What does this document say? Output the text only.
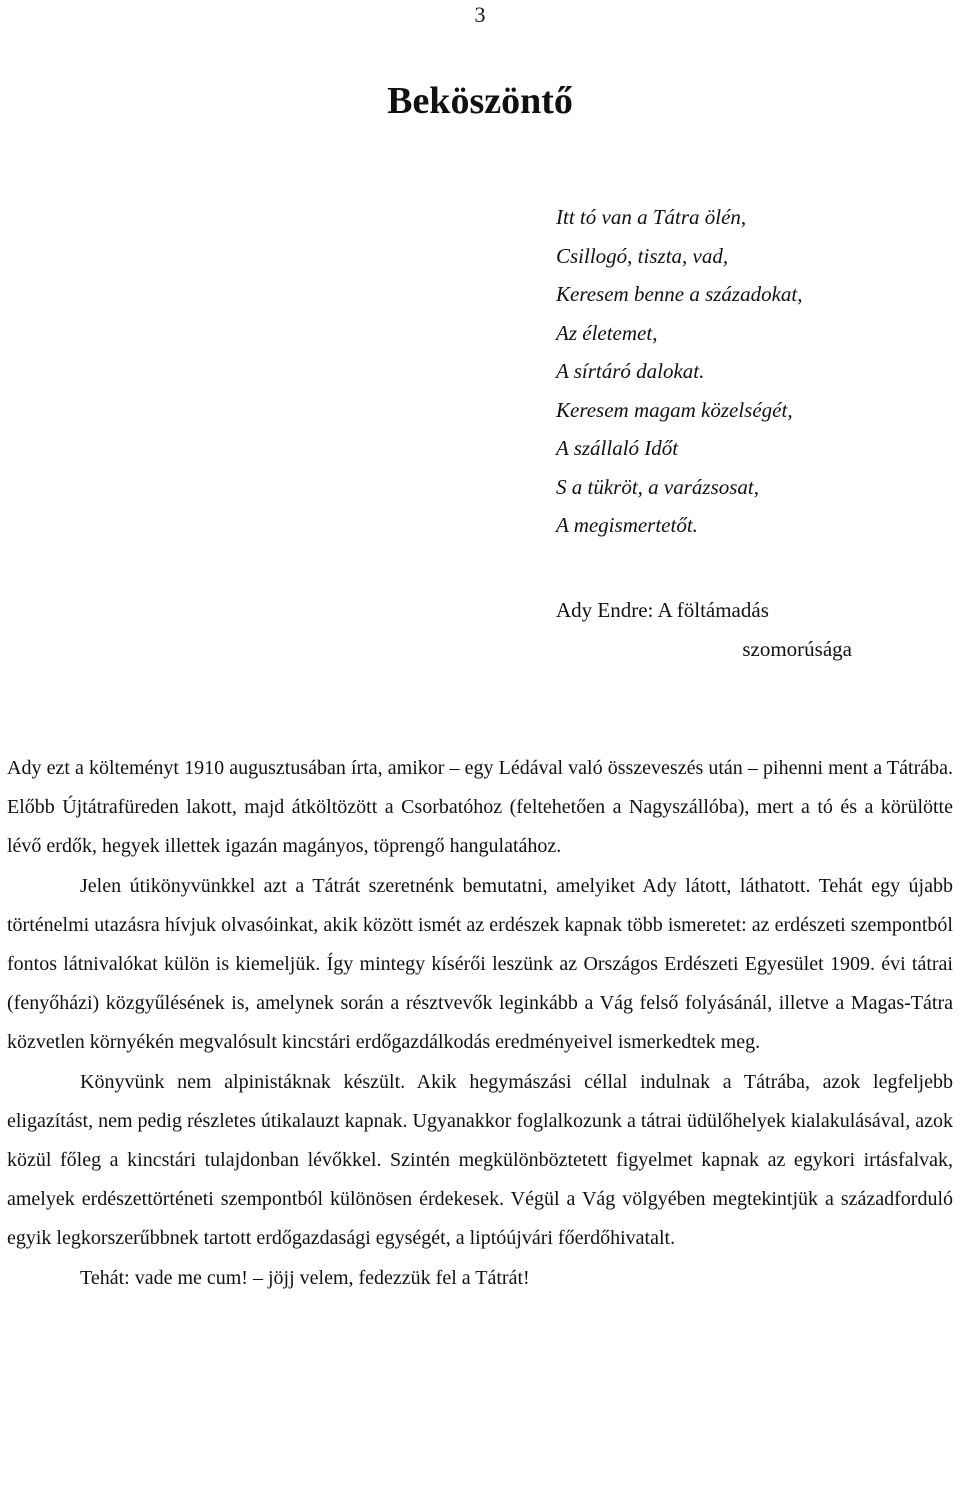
3
Beköszöntő
Itt tó van a Tátra ölén,
Csillogó, tiszta, vad,
Keresem benne a századokat,
Az életemet,
A sírtáró dalokat.
Keresem magam közelségét,
A szállaló Időt
S a tükröt, a varázsosat,
A megismertetőt.
Ady Endre: A föltámadás
szomorúsága

Ady ezt a költeményt 1910 augusztusában írta, amikor – egy Lédával való összeveszés után – pihenni ment a Tátrába. Előbb Újtátrafüreden lakott, majd átköltözött a Csorbatóhoz (feltehetően a Nagyszállóba), mert a tó és a körülötte lévő erdők, hegyek illettek igazán magányos, töprengő hangulatához.

Jelen útikönyvünkkel azt a Tátrát szeretnénk bemutatni, amelyiket Ady látott, láthatott. Tehát egy újabb történelmi utazásra hívjuk olvasóinkat, akik között ismét az erdészek kapnak több ismeretet: az erdészeti szempontból fontos látnivalókat külön is kiemeljük. Így mintegy kísérői leszünk az Országos Erdészeti Egyesület 1909. évi tátrai (fenyőházi) közgyűlésének is, amelynek során a résztvevők leginkább a Vág felső folyásánál, illetve a Magas-Tátra közvetlen környékén megvalósult kincstári erdőgazdálkodás eredményeivel ismerkedtek meg.

Könyvünk nem alpinistáknak készült. Akik hegymászási céllal indulnak a Tátrába, azok legfeljebb eligazítást, nem pedig részletes útikalauzt kapnak. Ugyanakkor foglalkozunk a tátrai üdülőhelyek kialakulásával, azok közül főleg a kincstári tulajdonban lévőkkel. Szintén megkülönböztetett figyelmet kapnak az egykori irtásfalvak, amelyek erdészettörténeti szempontból különösen érdekesek. Végül a Vág völgyében megtekintjük a századforduló egyik legkorszerűbbnek tartott erdőgazdasági egységét, a liptóújvári főerdőhivatalt.

Tehát: vade me cum! – jöjj velem, fedezzük fel a Tátrát!
